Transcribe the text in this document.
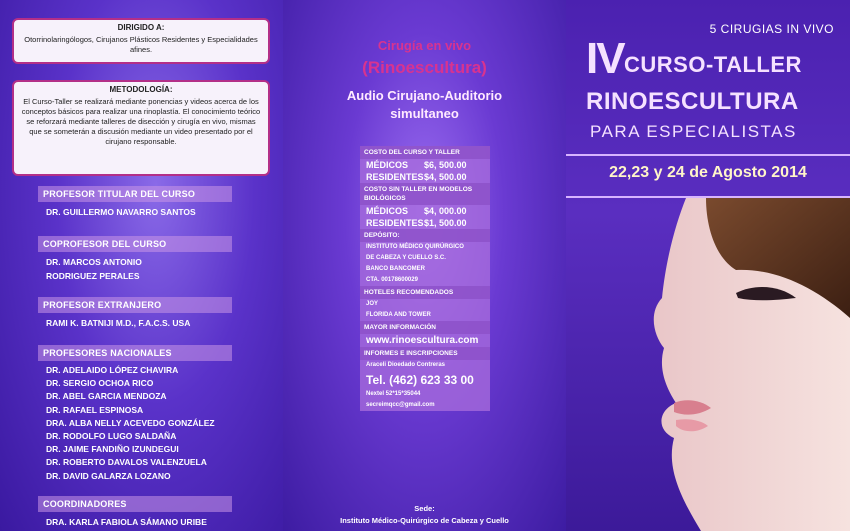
DIRIGIDO A:
Otorrinolaringólogos, Cirujanos Plásticos Residentes y Especialidades afines.
METODOLOGÍA:
El Curso-Taller se realizará mediante ponencias y videos acerca de los conceptos básicos para realizar una rinoplastía. El conocimiento teórico se reforzará mediante talleres de disección y cirugía en vivo, mismas que se someterán a discusión mediante un video presentado por el cirujano responsable.
PROFESOR TITULAR DEL CURSO
DR. GUILLERMO NAVARRO SANTOS
COPROFESOR DEL CURSO
DR. MARCOS ANTONIO
RODRIGUEZ PERALES
PROFESOR EXTRANJERO
RAMI K. BATNIJI M.D., F.A.C.S. USA
PROFESORES NACIONALES
DR. ADELAIDO LÓPEZ CHAVIRA
DR. SERGIO OCHOA RICO
DR. ABEL GARCIA MENDOZA
DR. RAFAEL ESPINOSA
DRA. ALBA NELLY ACEVEDO GONZÁLEZ
DR. RODOLFO LUGO SALDAÑA
DR. JAIME FANDIÑO IZUNDEGUI
DR. ROBERTO DAVALOS VALENZUELA
DR. DAVID GALARZA LOZANO
COORDINADORES
DRA. KARLA FABIOLA SÁMANO URIBE
Cirugía en vivo
(Rinoescultura)
Audio Cirujano-Auditorio
simultaneo
COSTO DEL CURSO Y TALLER
MÉDICOS	$6, 500.00
RESIDENTES $4, 500.00
COSTO SIN TALLER EN MODELOS BIOLÓGICOS
MÉDICOS	$4, 000.00
RESIDENTES $1, 500.00
DEPÓSITO:
INSTITUTO MÉDICO QUIRÚRGICO
DE CABEZA Y CUELLO S.C.
BANCO BANCOMER
CTA. 00178600029
HOTELES RECOMENDADOS
JOY
FLORIDA AND TOWER
MAYOR INFORMACIÓN
www.rinoescultura.com
INFORMES E INSCRIPCIONES
Araceli Dioedado Contreras
Tel. (462) 623 33 00
Nextel 52*15*35044
secreimqcc@gmail.com
Sede:
Instituto Médico-Quirúrgico de Cabeza y Cuello
5 CIRUGIAS IN VIVO
IV CURSO-TALLER
RINOESCULTURA
PARA ESPECIALISTAS
22,23 y 24 de Agosto 2014
